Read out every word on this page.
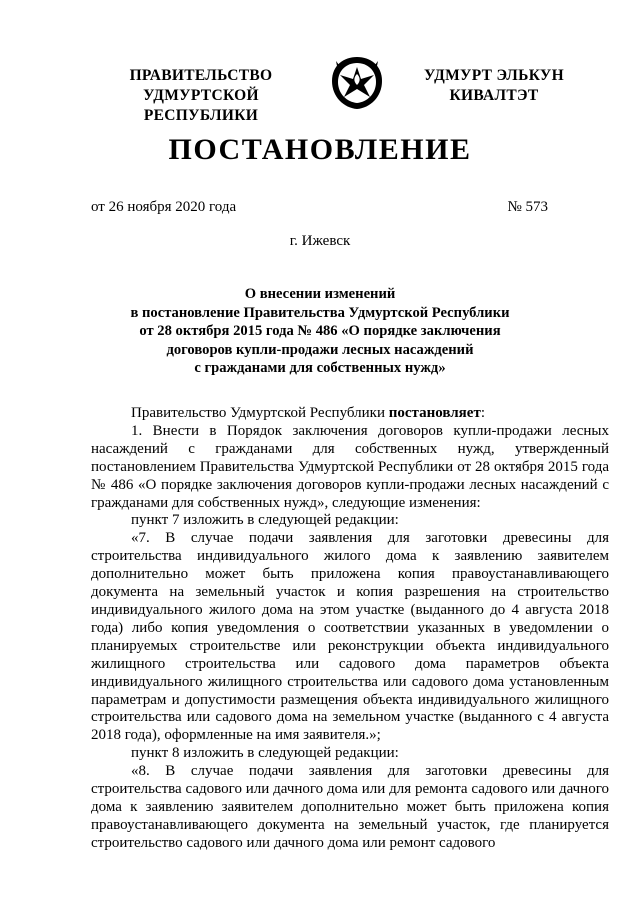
ПРАВИТЕЛЬСТВО
УДМУРТСКОЙ РЕСПУБЛИКИ
УДМУРТ ЭЛЬКУН
КИВАЛТЭТ
ПОСТАНОВЛЕНИЕ
от 26 ноября 2020 года	№ 573
г. Ижевск
О внесении изменений
в постановление Правительства Удмуртской Республики
от 28 октября 2015 года № 486 «О порядке заключения
договоров купли-продажи лесных насаждений
с гражданами для собственных нужд»

Правительство Удмуртской Республики постановляет:

1. Внести в Порядок заключения договоров купли-продажи лесных насаждений с гражданами для собственных нужд, утвержденный постановлением Правительства Удмуртской Республики от 28 октября 2015 года № 486 «О порядке заключения договоров купли-продажи лесных насаждений с гражданами для собственных нужд», следующие изменения:

пункт 7 изложить в следующей редакции:

«7. В случае подачи заявления для заготовки древесины для строительства индивидуального жилого дома к заявлению заявителем дополнительно может быть приложена копия правоустанавливающего документа на земельный участок и копия разрешения на строительство индивидуального жилого дома на этом участке (выданного до 4 августа 2018 года) либо копия уведомления о соответствии указанных в уведомлении о планируемых строительстве или реконструкции объекта индивидуального жилищного строительства или садового дома параметров объекта индивидуального жилищного строительства или садового дома установленным параметрам и допустимости размещения объекта индивидуального жилищного строительства или садового дома на земельном участке (выданного с 4 августа 2018 года), оформленные на имя заявителя.»;

пункт 8 изложить в следующей редакции:

«8. В случае подачи заявления для заготовки древесины для строительства садового или дачного дома или для ремонта садового или дачного дома к заявлению заявителем дополнительно может быть приложена копия правоустанавливающего документа на земельный участок, где планируется строительство садового или дачного дома или ремонт садового
